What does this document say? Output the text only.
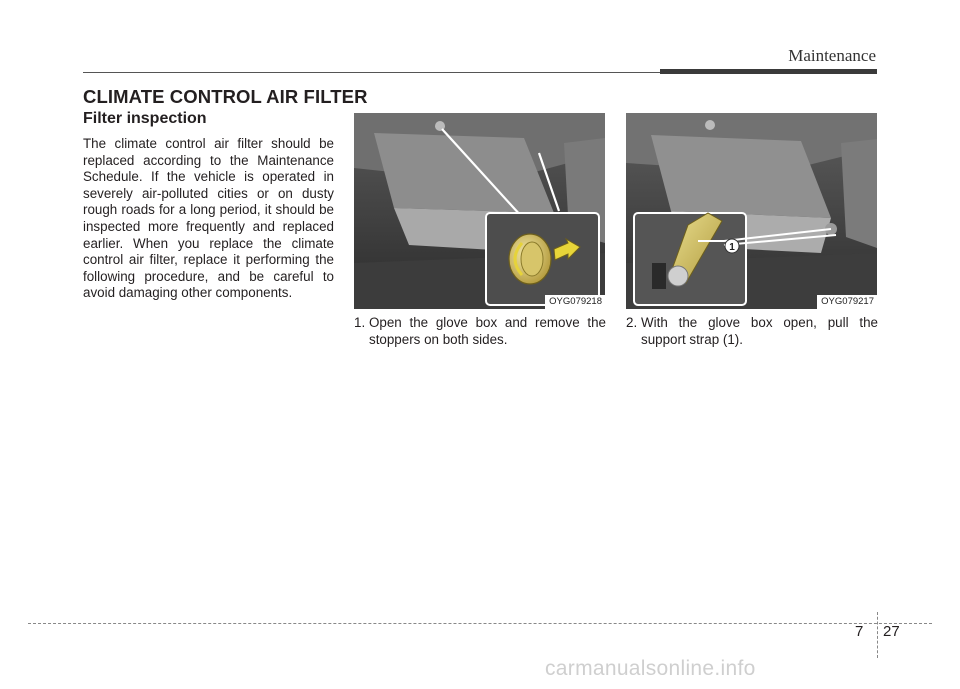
Maintenance
CLIMATE CONTROL AIR FILTER
Filter inspection
The climate control air filter should be replaced according to the Maintenance Schedule. If the vehicle is operated in severely air-polluted cities or on dusty rough roads for a long period, it should be inspected more frequently and replaced earlier. When you replace the climate control air filter, replace it performing the following procedure, and be careful to avoid damaging other components.
OYG079218
1
OYG079217
1. Open the glove box and remove the stoppers on both sides.
2. With the glove box open, pull the support strap (1).
7 27
carmanualsonline.info
